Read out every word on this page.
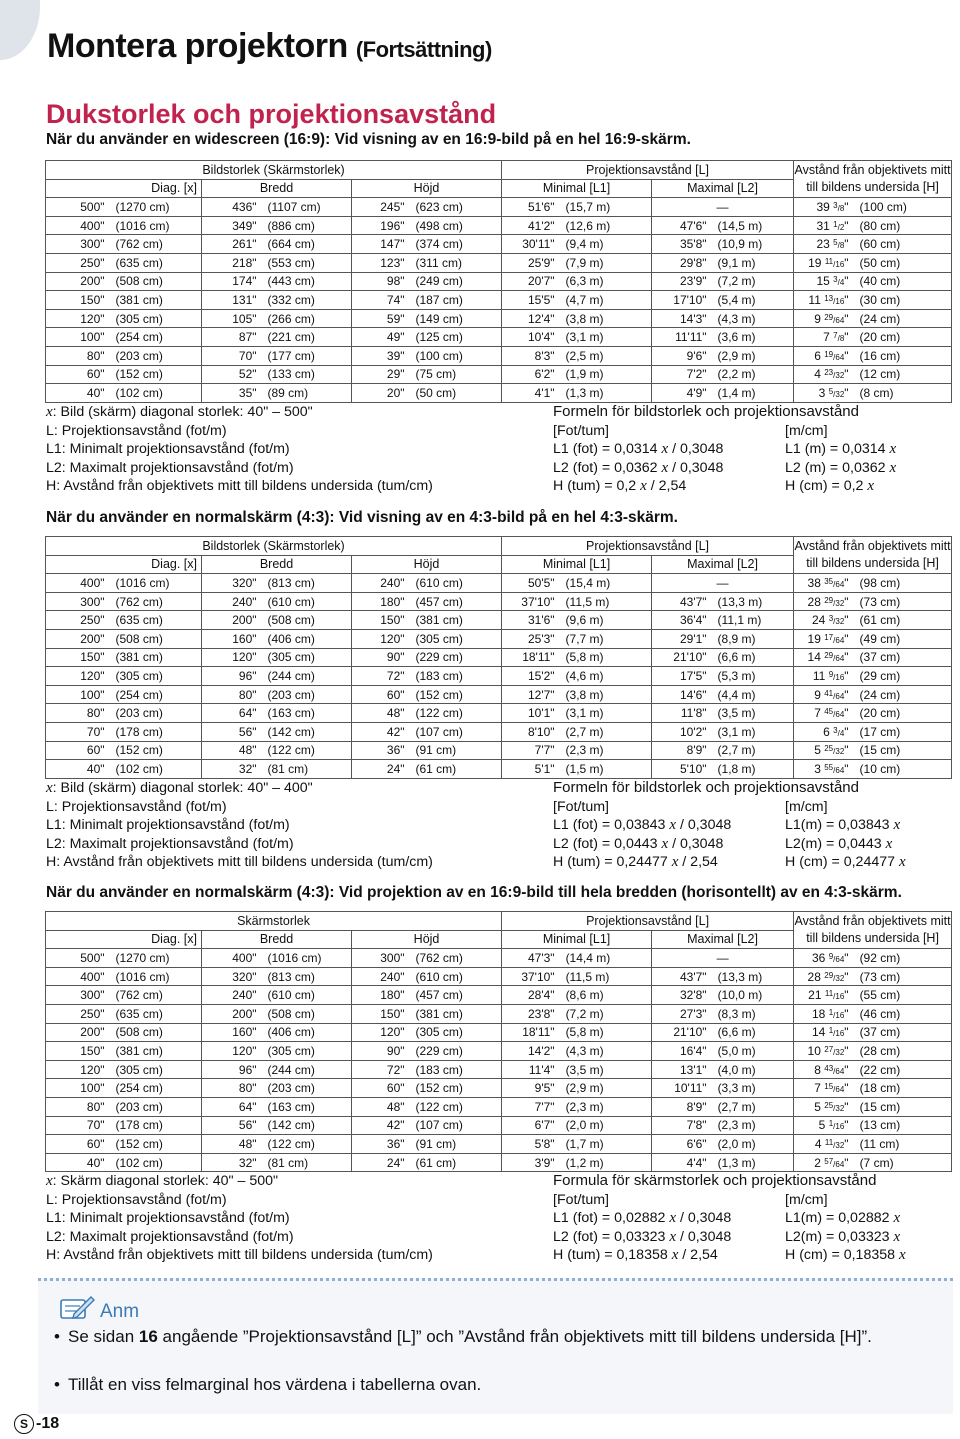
Montera projektorn (Fortsättning)
Dukstorlek och projektionsavstånd
När du använder en widescreen (16:9): Vid visning av en 16:9-bild på en hel 16:9-skärm.
Bildstorlek (Skärmstorlek)						Projektionsavstånd [L]				Avstånd från objektivets mitt till bildens undersida [H]	
Diag. [x]		Bredd		Höjd		Minimal [L1]		Maximal [L2]			
500"	(1270 cm)	436"	(1107 cm)	245"	(623 cm)	51'6"	(15,7 m)	—		39 $^3$/8"	(100 cm)
400"	(1016 cm)	349"	(886 cm)	196"	(498 cm)	41'2"	(12,6 m)	47'6"	(14,5 m)	31 $^1$/2"	(80 cm)
300"	(762 cm)	261"	(664 cm)	147"	(374 cm)	30'11"	(9,4 m)	35'8"	(10,9 m)	23 $^5$/8"	(60 cm)
250"	(635 cm)	218"	(553 cm)	123"	(311 cm)	25'9"	(7,9 m)	29'8"	(9,1 m)	19 $^{11}$/16"	(50 cm)
200"	(508 cm)	174"	(443 cm)	98"	(249 cm)	20'7"	(6,3 m)	23'9"	(7,2 m)	15 $^3$/4"	(40 cm)
150"	(381 cm)	131"	(332 cm)	74"	(187 cm)	15'5"	(4,7 m)	17'10"	(5,4 m)	11 $^{13}$/16"	(30 cm)
120"	(305 cm)	105"	(266 cm)	59"	(149 cm)	12'4"	(3,8 m)	14'3"	(4,3 m)	9 $^{29}$/64"	(24 cm)
100"	(254 cm)	87"	(221 cm)	49"	(125 cm)	10'4"	(3,1 m)	11'11"	(3,6 m)	7 $^7$/8"	(20 cm)
80"	(203 cm)	70"	(177 cm)	39"	(100 cm)	8'3"	(2,5 m)	9'6"	(2,9 m)	6 $^{19}$/64"	(16 cm)
60"	(152 cm)	52"	(133 cm)	29"	(75 cm)	6'2"	(1,9 m)	7'2"	(2,2 m)	4 $^{23}$/32"	(12 cm)
40"	(102 cm)	35"	(89 cm)	20"	(50 cm)	4'1"	(1,3 m)	4'9"	(1,4 m)	3 $^5$/32"	(8 cm)
x: Bild (skärm) diagonal storlek: 40" – 500"
L: Projektionsavstånd (fot/m)
L1: Minimalt projektionsavstånd (fot/m)
L2: Maximalt projektionsavstånd (fot/m)
H: Avstånd från objektivets mitt till bildens undersida (tum/cm)
Formeln för bildstorlek och projektionsavstånd
[Fot/tum]	[m/cm]
L1 (fot) = 0,0314 x / 0,3048	L1 (m) = 0,0314 x
L2 (fot) = 0,0362 x / 0,3048	L2 (m) = 0,0362 x
H (tum) = 0,2 x / 2,54	H (cm) = 0,2 x
När du använder en normalskärm (4:3): Vid visning av en 4:3-bild på en hel 4:3-skärm.
Bildstorlek (Skärmstorlek)						Projektionsavstånd [L]				Avstånd från objektivets mitt till bildens undersida [H]	
Diag. [x]		Bredd		Höjd		Minimal [L1]		Maximal [L2]			
400"	(1016 cm)	320"	(813 cm)	240"	(610 cm)	50'5"	(15,4 m)	—		38 $^{35}$/64"	(98 cm)
300"	(762 cm)	240"	(610 cm)	180"	(457 cm)	37'10"	(11,5 m)	43'7"	(13,3 m)	28 $^{29}$/32"	(73 cm)
250"	(635 cm)	200"	(508 cm)	150"	(381 cm)	31'6"	(9,6 m)	36'4"	(11,1 m)	24 $^3$/32"	(61 cm)
200"	(508 cm)	160"	(406 cm)	120"	(305 cm)	25'3"	(7,7 m)	29'1"	(8,9 m)	19 $^{17}$/64"	(49 cm)
150"	(381 cm)	120"	(305 cm)	90"	(229 cm)	18'11"	(5,8 m)	21'10"	(6,6 m)	14 $^{29}$/64"	(37 cm)
120"	(305 cm)	96"	(244 cm)	72"	(183 cm)	15'2"	(4,6 m)	17'5"	(5,3 m)	11 $^9$/16"	(29 cm)
100"	(254 cm)	80"	(203 cm)	60"	(152 cm)	12'7"	(3,8 m)	14'6"	(4,4 m)	9 $^{41}$/64"	(24 cm)
80"	(203 cm)	64"	(163 cm)	48"	(122 cm)	10'1"	(3,1 m)	11'8"	(3,5 m)	7 $^{45}$/64"	(20 cm)
70"	(178 cm)	56"	(142 cm)	42"	(107 cm)	8'10"	(2,7 m)	10'2"	(3,1 m)	6 $^3$/4"	(17 cm)
60"	(152 cm)	48"	(122 cm)	36"	(91 cm)	7'7"	(2,3 m)	8'9"	(2,7 m)	5 $^{25}$/32"	(15 cm)
40"	(102 cm)	32"	(81 cm)	24"	(61 cm)	5'1"	(1,5 m)	5'10"	(1,8 m)	3 $^{55}$/64"	(10 cm)
x: Bild (skärm) diagonal storlek: 40" – 400"
L: Projektionsavstånd (fot/m)
L1: Minimalt projektionsavstånd (fot/m)
L2: Maximalt projektionsavstånd (fot/m)
H: Avstånd från objektivets mitt till bildens undersida (tum/cm)
Formeln för bildstorlek och projektionsavstånd
[Fot/tum]	[m/cm]
L1 (fot) = 0,03843 x / 0,3048	L1(m) = 0,03843 x
L2 (fot) = 0,0443 x / 0,3048	L2(m) = 0,0443 x
H (tum) = 0,24477 x / 2,54	H (cm) = 0,24477 x
När du använder en normalskärm (4:3): Vid projektion av en 16:9-bild till hela bredden (horisontellt) av en 4:3-skärm.
Skärmstorlek						Projektionsavstånd [L]				Avstånd från objektivets mitt till bildens undersida [H]	
Diag. [x]		Bredd		Höjd		Minimal [L1]		Maximal [L2]			
500"	(1270 cm)	400"	(1016 cm)	300"	(762 cm)	47'3"	(14,4 m)	—		36 $^9$/64"	(92 cm)
400"	(1016 cm)	320"	(813 cm)	240"	(610 cm)	37'10"	(11,5 m)	43'7"	(13,3 m)	28 $^{29}$/32"	(73 cm)
300"	(762 cm)	240"	(610 cm)	180"	(457 cm)	28'4"	(8,6 m)	32'8"	(10,0 m)	21 $^{11}$/16"	(55 cm)
250"	(635 cm)	200"	(508 cm)	150"	(381 cm)	23'8"	(7,2 m)	27'3"	(8,3 m)	18 $^1$/16"	(46 cm)
200"	(508 cm)	160"	(406 cm)	120"	(305 cm)	18'11"	(5,8 m)	21'10"	(6,6 m)	14 $^1$/16"	(37 cm)
150"	(381 cm)	120"	(305 cm)	90"	(229 cm)	14'2"	(4,3 m)	16'4"	(5,0 m)	10 $^{27}$/32"	(28 cm)
120"	(305 cm)	96"	(244 cm)	72"	(183 cm)	11'4"	(3,5 m)	13'1"	(4,0 m)	8 $^{43}$/64"	(22 cm)
100"	(254 cm)	80"	(203 cm)	60"	(152 cm)	9'5"	(2,9 m)	10'11"	(3,3 m)	7 $^{15}$/64"	(18 cm)
80"	(203 cm)	64"	(163 cm)	48"	(122 cm)	7'7"	(2,3 m)	8'9"	(2,7 m)	5 $^{25}$/32"	(15 cm)
70"	(178 cm)	56"	(142 cm)	42"	(107 cm)	6'7"	(2,0 m)	7'8"	(2,3 m)	5 $^1$/16"	(13 cm)
60"	(152 cm)	48"	(122 cm)	36"	(91 cm)	5'8"	(1,7 m)	6'6"	(2,0 m)	4 $^{11}$/32"	(11 cm)
40"	(102 cm)	32"	(81 cm)	24"	(61 cm)	3'9"	(1,2 m)	4'4"	(1,3 m)	2 $^{57}$/64"	(7 cm)
x: Skärm diagonal storlek: 40" – 500"
L: Projektionsavstånd (fot/m)
L1: Minimalt projektionsavstånd (fot/m)
L2: Maximalt projektionsavstånd (fot/m)
H: Avstånd från objektivets mitt till bildens undersida (tum/cm)
Formula för skärmstorlek och projektionsavstånd
[Fot/tum]	[m/cm]
L1 (fot) = 0,02882 x / 0,3048	L1(m) = 0,02882 x
L2 (fot) = 0,03323 x / 0,3048	L2(m) = 0,03323 x
H (tum) = 0,18358 x / 2,54	H (cm) = 0,18358 x
Anm
• Se sidan 16 angående ”Projektionsavstånd [L]” och ”Avstånd från objektivets mitt till bildens undersida [H]”.
• Tillåt en viss felmarginal hos värdena i tabellerna ovan.
S -18
